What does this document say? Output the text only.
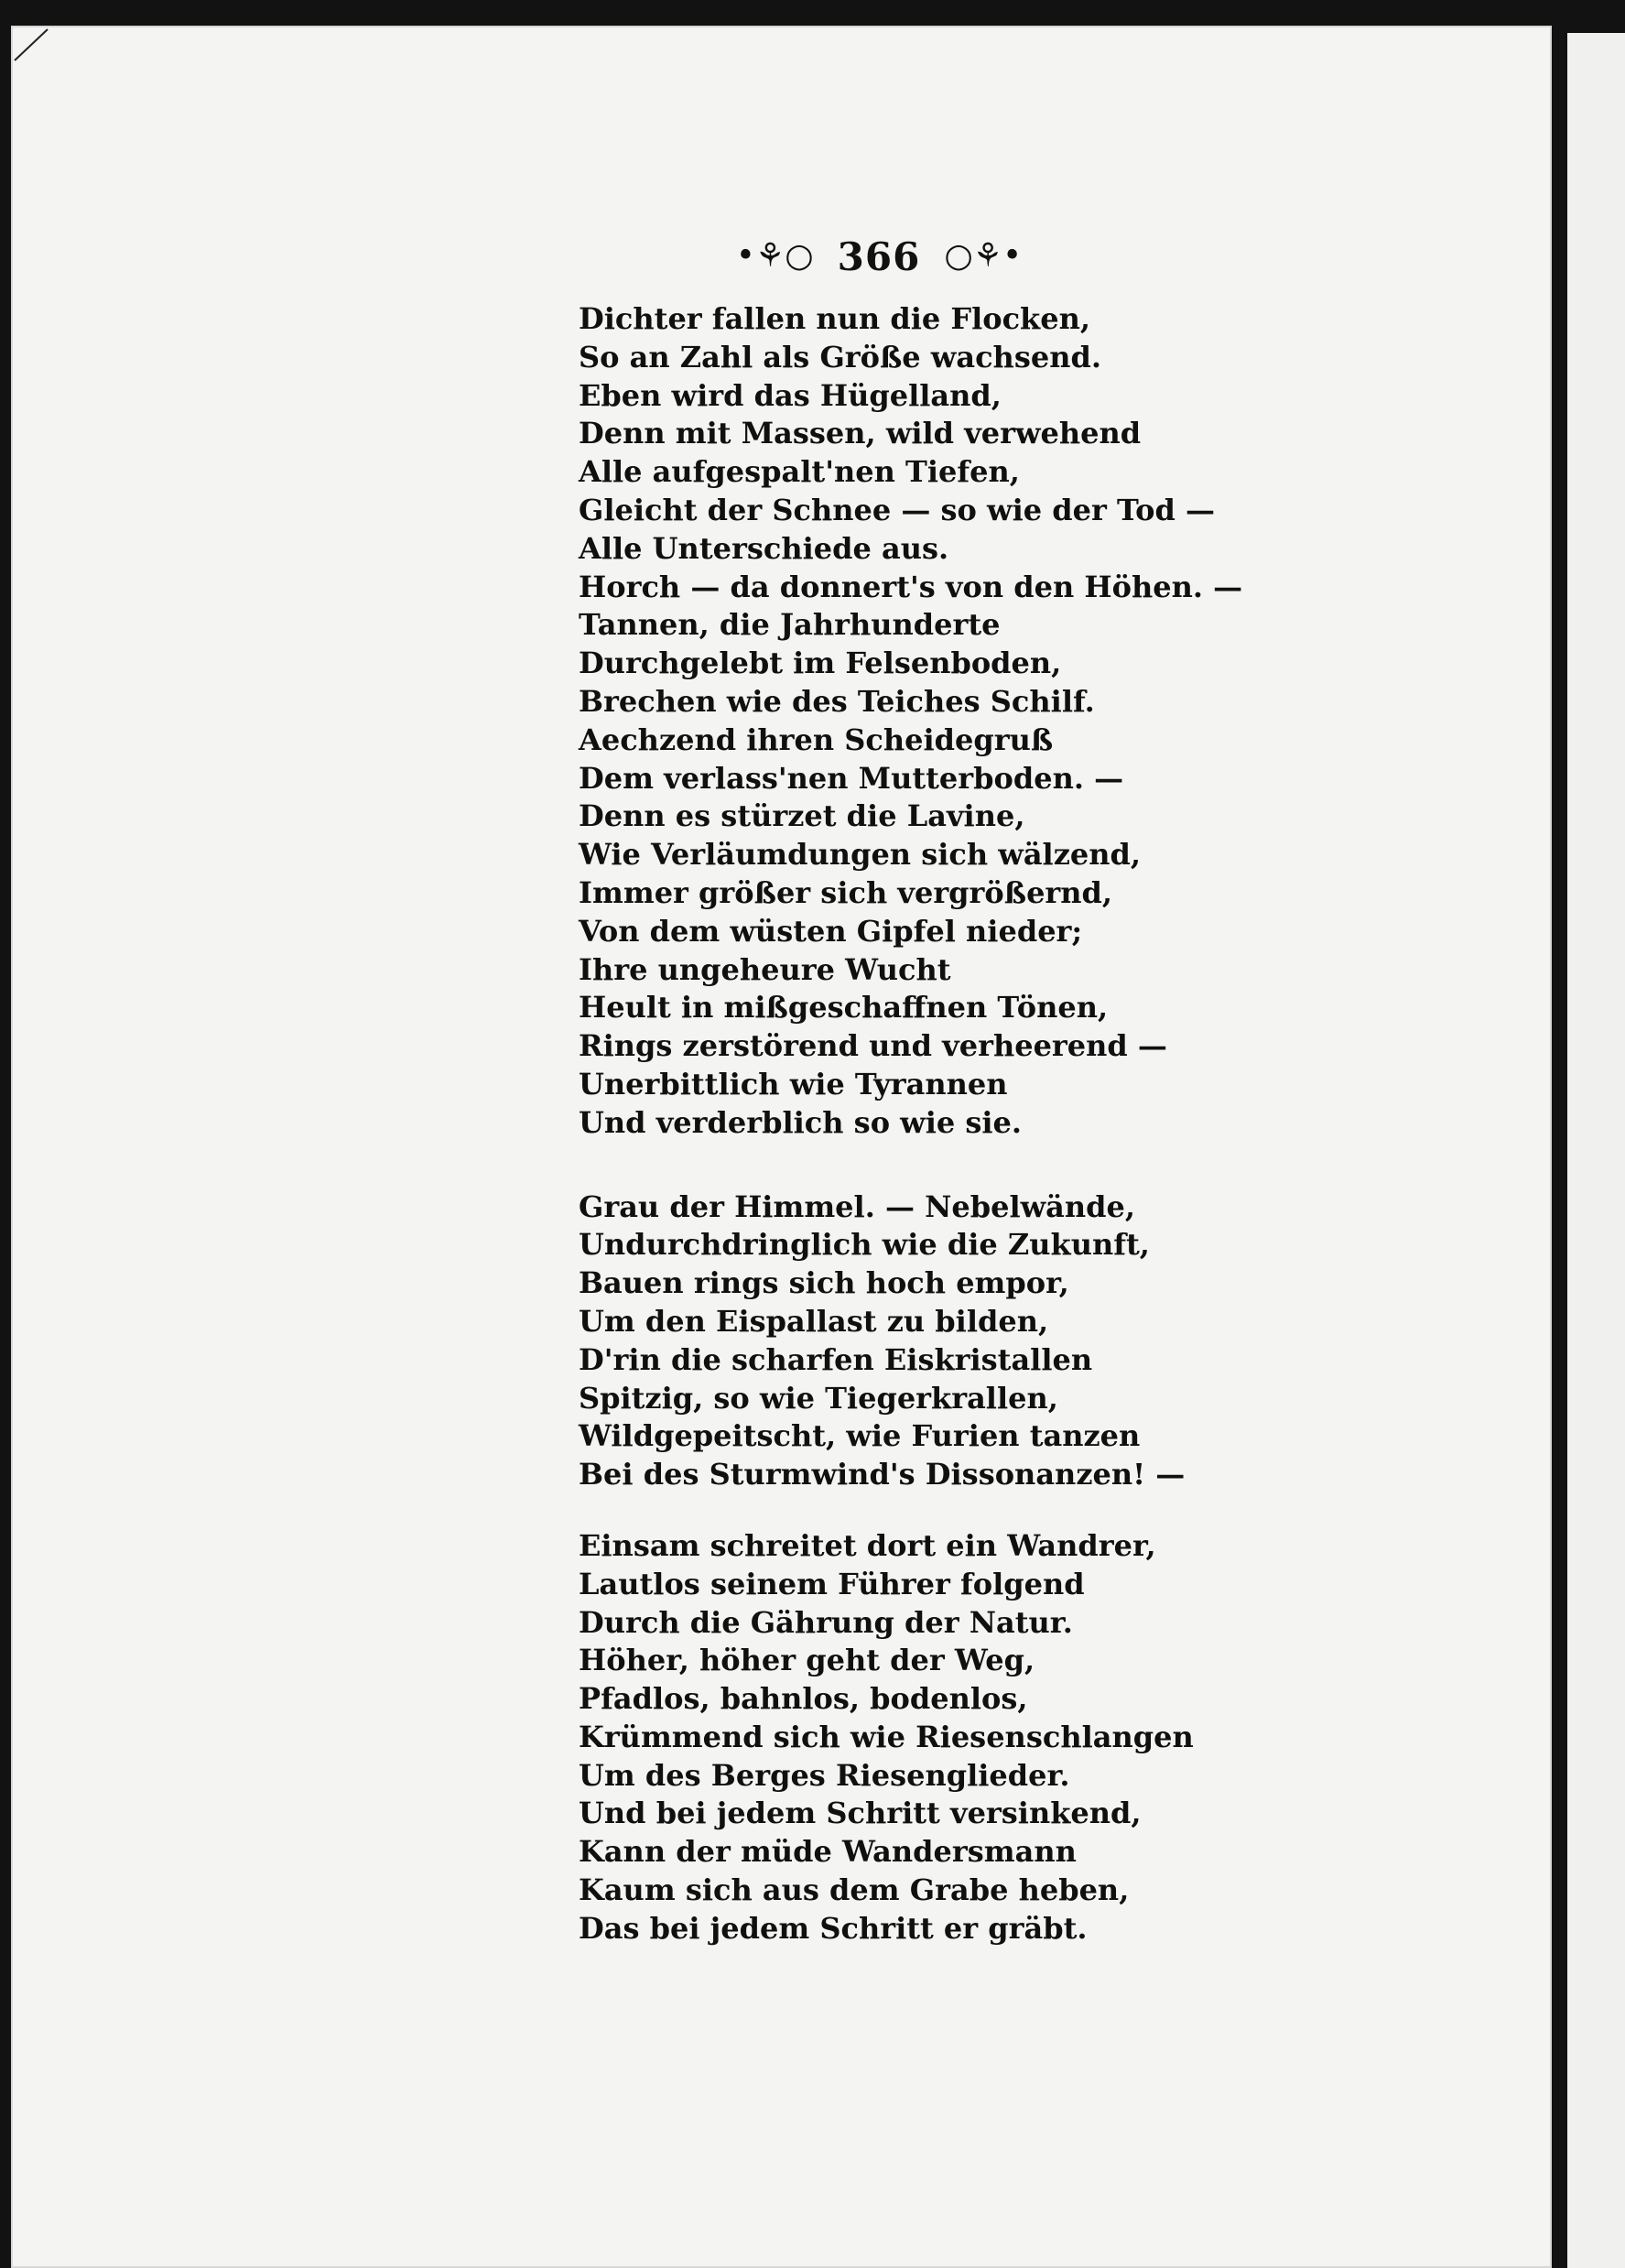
•⚘○ 366 ○⚘•
Dichter fallen nun die Flocken,
So an Zahl als Größe wachsend.
Eben wird das Hügelland,
Denn mit Massen, wild verwehend
Alle aufgespalt'nen Tiefen,
Gleicht der Schnee — so wie der Tod —
Alle Unterschiede aus.
Horch — da donnert's von den Höhen. —
Tannen, die Jahrhunderte
Durchgelebt im Felsenboden,
Brechen wie des Teiches Schilf.
Aechzend ihren Scheidegruß
Dem verlass'nen Mutterboden. —
Denn es stürzet die Lavine,
Wie Verläumdungen sich wälzend,
Immer größer sich vergrößernd,
Von dem wüsten Gipfel nieder;
Ihre ungeheure Wucht
Heult in mißgeschaffnen Tönen,
Rings zerstörend und verheerend —
Unerbittlich wie Tyrannen
Und verderblich so wie sie.
Grau der Himmel. — Nebelwände,
Undurchdringlich wie die Zukunft,
Bauen rings sich hoch empor,
Um den Eispallast zu bilden,
D'rin die scharfen Eiskristallen
Spitzig, so wie Tiegerkrallen,
Wildgepeitscht, wie Furien tanzen
Bei des Sturmwind's Dissonanzen! —
Einsam schreitet dort ein Wandrer,
Lautlos seinem Führer folgend
Durch die Gährung der Natur.
Höher, höher geht der Weg,
Pfadlos, bahnlos, bodenlos,
Krümmend sich wie Riesenschlangen
Um des Berges Riesenglieder.
Und bei jedem Schritt versinkend,
Kann der müde Wandersmann
Kaum sich aus dem Grabe heben,
Das bei jedem Schritt er gräbt.
